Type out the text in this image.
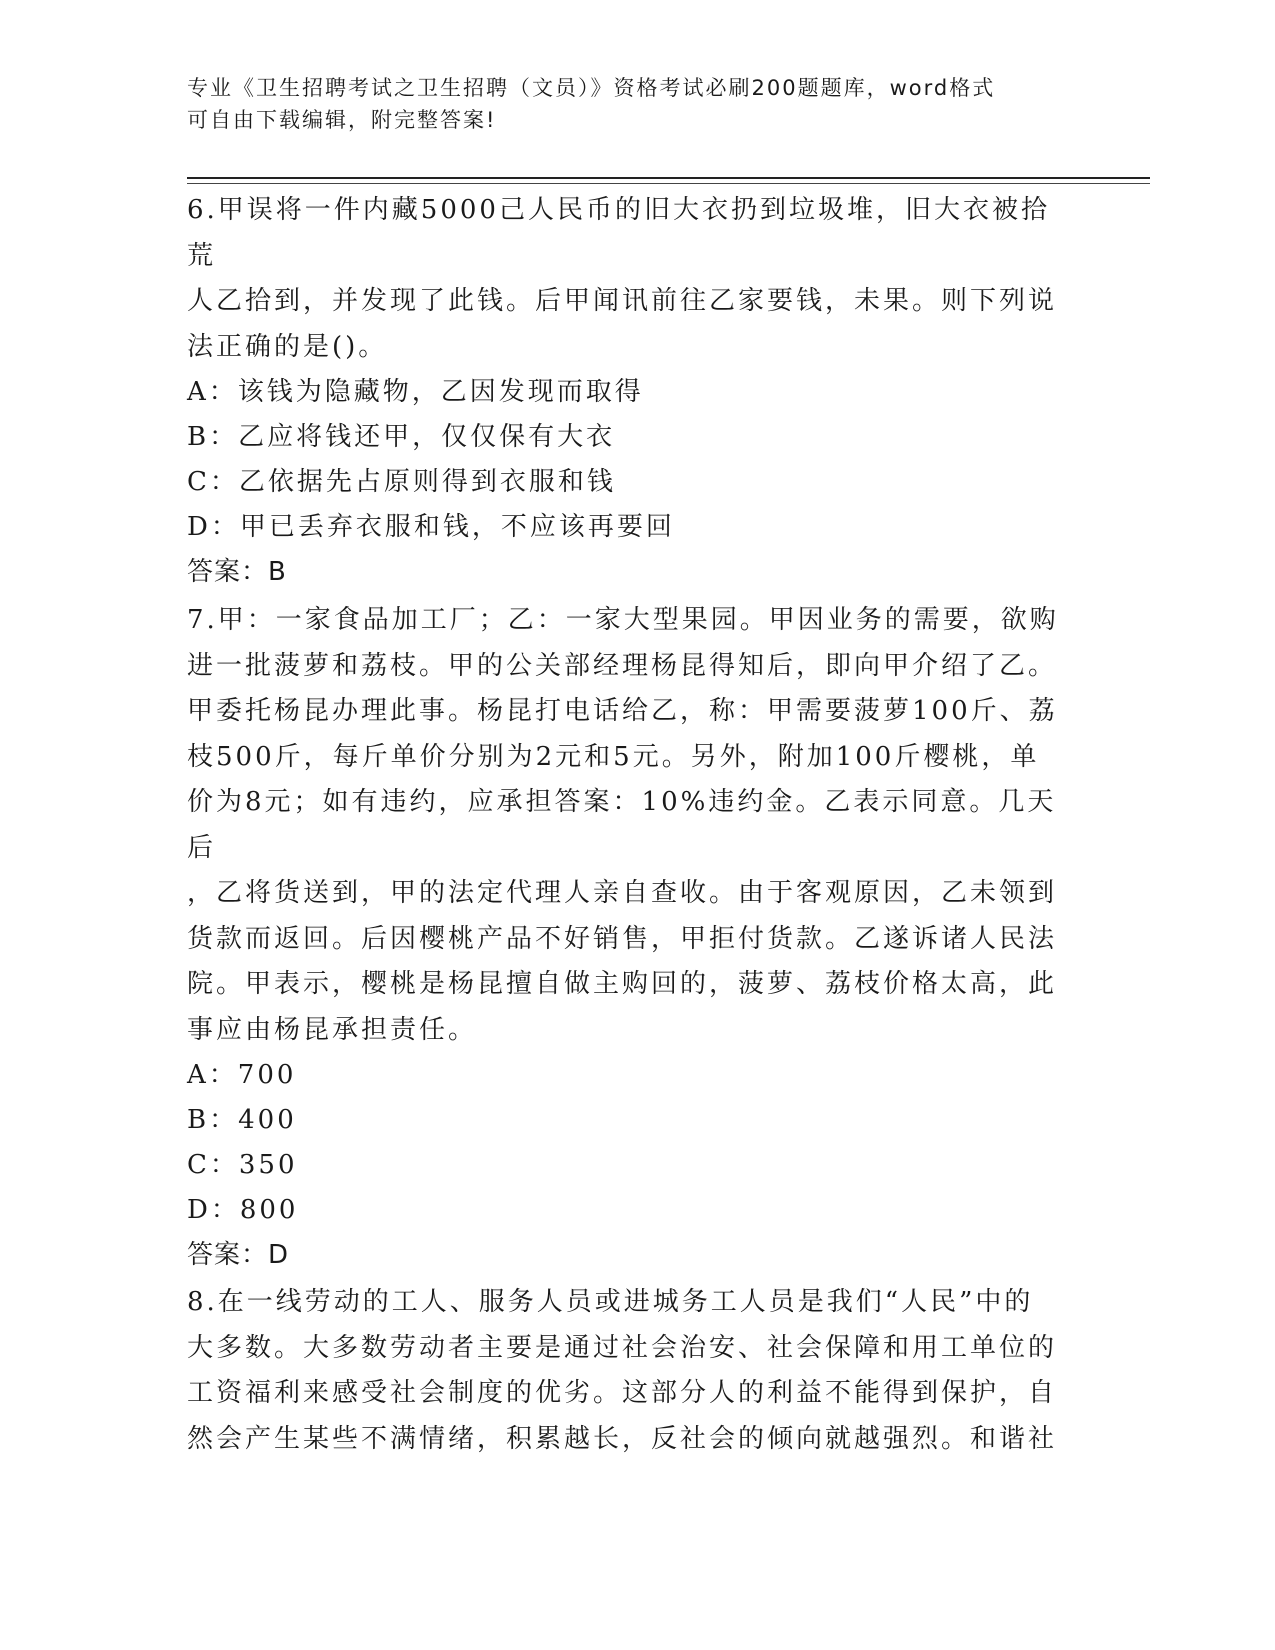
专业《卫生招聘考试之卫生招聘（文员）》资格考试必刷200题题库，word格式
可自由下载编辑，附完整答案!
6.甲误将一件内藏5000己人民币的旧大衣扔到垃圾堆，旧大衣被拾荒
人乙拾到，并发现了此钱。后甲闻讯前往乙家要钱，未果。则下列说
法正确的是()。
A：该钱为隐藏物，乙因发现而取得
B：乙应将钱还甲，仅仅保有大衣
C：乙依据先占原则得到衣服和钱
D：甲已丢弃衣服和钱，不应该再要回
答案：B
7.甲：一家食品加工厂；乙：一家大型果园。甲因业务的需要，欲购
进一批菠萝和荔枝。甲的公关部经理杨昆得知后，即向甲介绍了乙。
甲委托杨昆办理此事。杨昆打电话给乙，称：甲需要菠萝100斤、荔
枝500斤，每斤单价分别为2元和5元。另外，附加100斤樱桃，单
价为8元；如有违约，应承担答案：10%违约金。乙表示同意。几天后
，乙将货送到，甲的法定代理人亲自查收。由于客观原因，乙未领到
货款而返回。后因樱桃产品不好销售，甲拒付货款。乙遂诉诸人民法
院。甲表示，樱桃是杨昆擅自做主购回的，菠萝、荔枝价格太高，此
事应由杨昆承担责任。
A：700
B：400
C：350
D：800
答案：D
8.在一线劳动的工人、服务人员或进城务工人员是我们“人民”中的
大多数。大多数劳动者主要是通过社会治安、社会保障和用工单位的
工资福利来感受社会制度的优劣。这部分人的利益不能得到保护，自
然会产生某些不满情绪，积累越长，反社会的倾向就越强烈。和谐社
